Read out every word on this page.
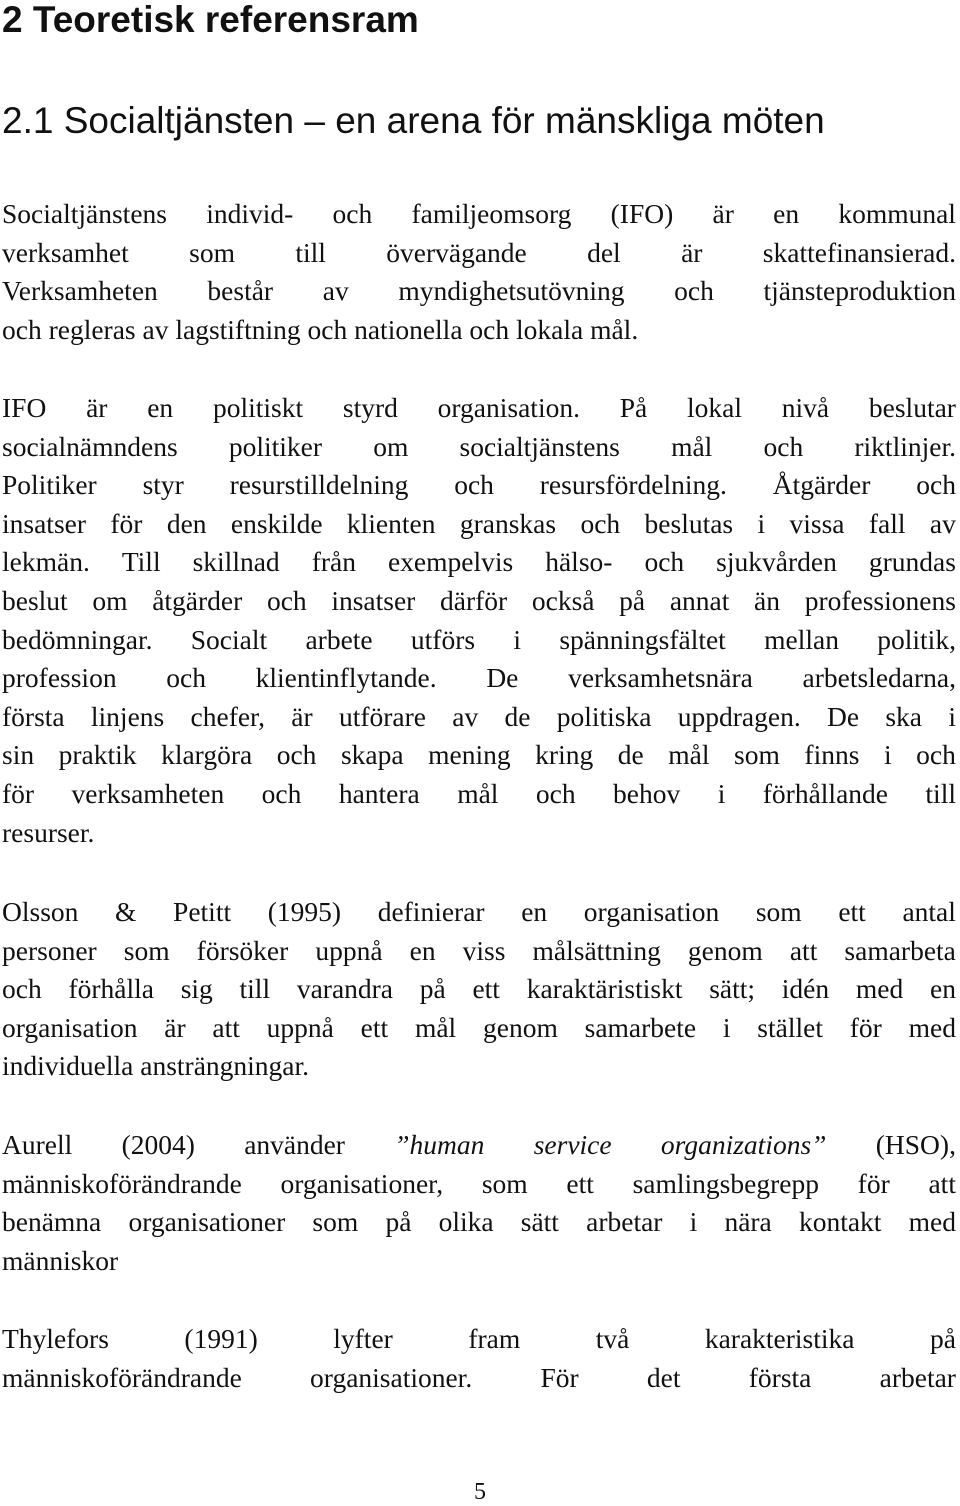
2 Teoretisk referensram
2.1 Socialtjänsten – en arena för mänskliga möten
Socialtjänstens individ- och familjeomsorg (IFO) är en kommunal
verksamhet som till övervägande del är skattefinansierad.
Verksamheten består av myndighetsutövning och tjänsteproduktion
och regleras av lagstiftning och nationella och lokala mål.
IFO är en politiskt styrd organisation. På lokal nivå beslutar
socialnämndens politiker om socialtjänstens mål och riktlinjer.
Politiker styr resurstilldelning och resursfördelning. Åtgärder och
insatser för den enskilde klienten granskas och beslutas i vissa fall av
lekmän. Till skillnad från exempelvis hälso- och sjukvården grundas
beslut om åtgärder och insatser därför också på annat än professionens
bedömningar. Socialt arbete utförs i spänningsfältet mellan politik,
profession och klientinflytande. De verksamhetsnära arbetsledarna,
första linjens chefer, är utförare av de politiska uppdragen. De ska i
sin praktik klargöra och skapa mening kring de mål som finns i och
för verksamheten och hantera mål och behov i förhållande till
resurser.
Olsson & Petitt (1995) definierar en organisation som ett antal
personer som försöker uppnå en viss målsättning genom att samarbeta
och förhålla sig till varandra på ett karaktäristiskt sätt; idén med en
organisation är att uppnå ett mål genom samarbete i stället för med
individuella ansträngningar.
Aurell (2004) använder ”human service organizations” (HSO),
människoförändrande organisationer, som ett samlingsbegrepp för att
benämna organisationer som på olika sätt arbetar i nära kontakt med
människor
Thylefors	(1991)	lyfter	fram	två	karakteristika	på
människoförändrande organisationer. För det första arbetar
5
